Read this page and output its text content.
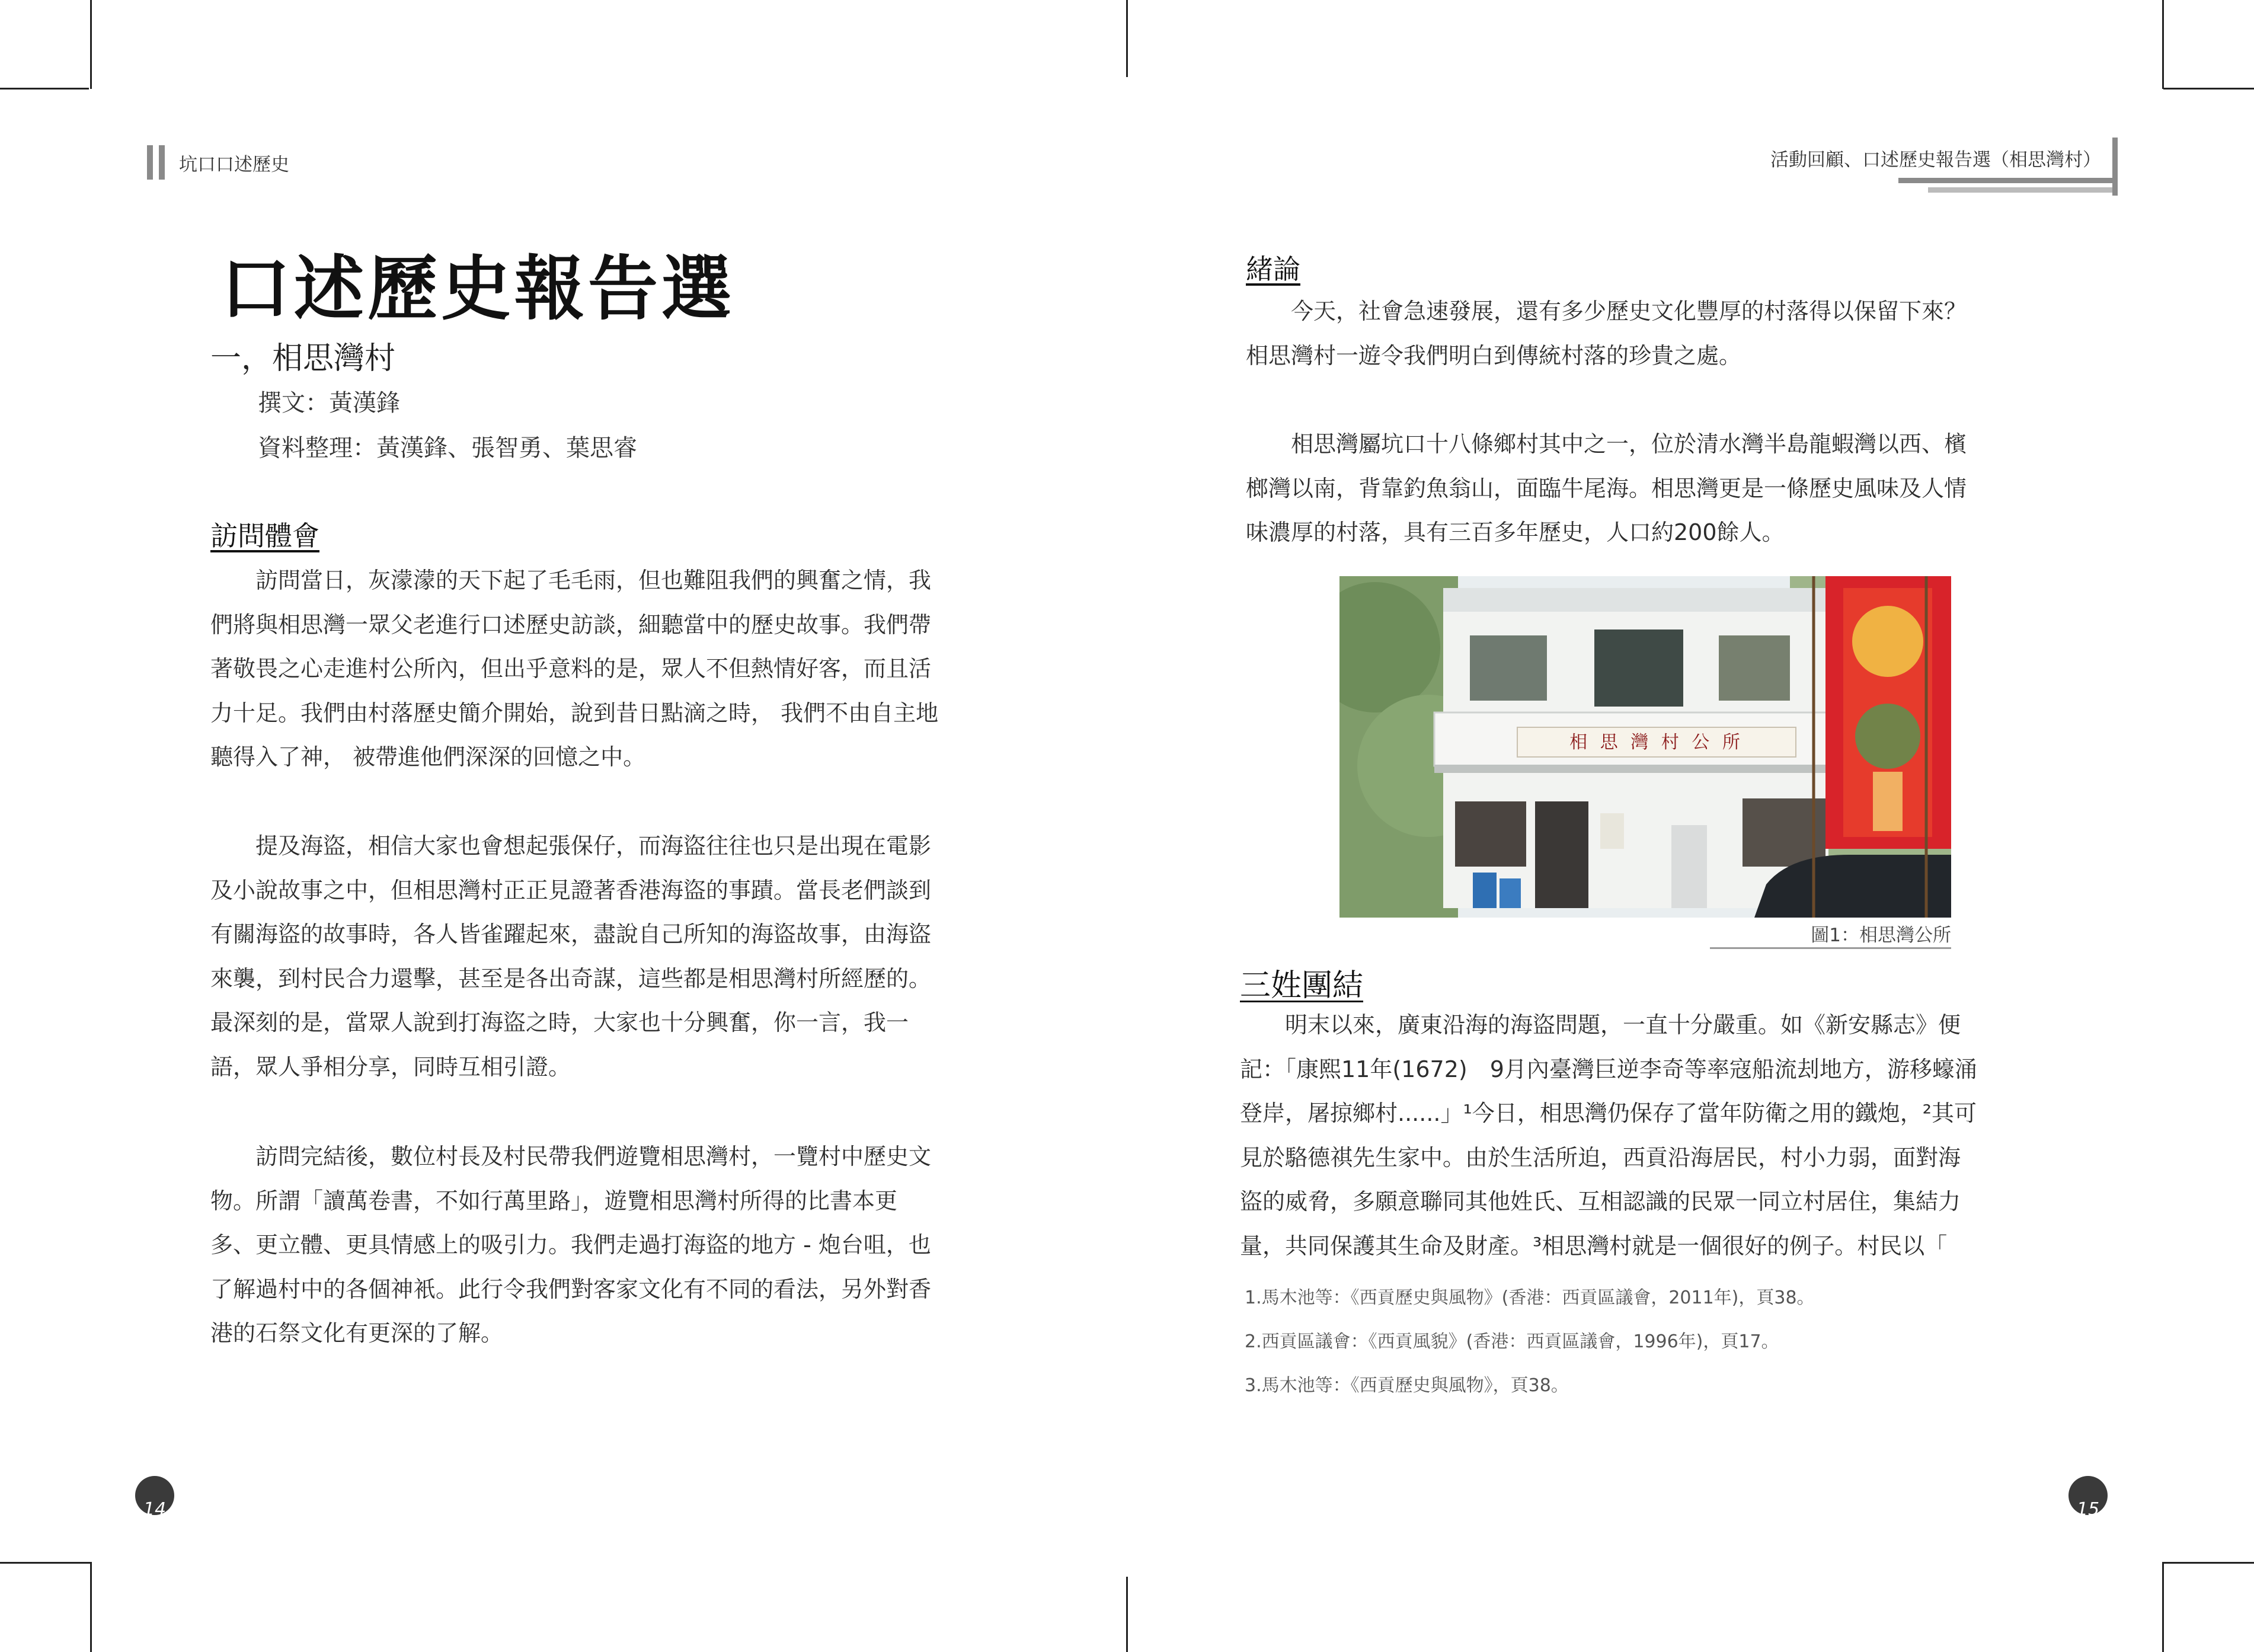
坑口口述歷史	活動回顧、口述歷史報告選（相思灣村）
口述歷史報告選
一，相思灣村
撰文：黃漢鋒
資料整理：黃漢鋒、張智勇、葉思睿
訪問體會
　　訪問當日，灰濛濛的天下起了毛毛雨，但也難阻我們的興奮之情，我
們將與相思灣一眾父老進行口述歷史訪談，細聽當中的歷史故事。我們帶
著敬畏之心走進村公所內，但出乎意料的是，眾人不但熱情好客，而且活
力十足。我們由村落歷史簡介開始，說到昔日點滴之時， 我們不由自主地
聽得入了神， 被帶進他們深深的回憶之中。
　　提及海盜，相信大家也會想起張保仔，而海盜往往也只是出現在電影
及小說故事之中，但相思灣村正正見證著香港海盜的事蹟。當長老們談到
有關海盜的故事時，各人皆雀躍起來，盡說自己所知的海盜故事，由海盜
來襲，到村民合力還擊，甚至是各出奇謀，這些都是相思灣村所經歷的。
最深刻的是，當眾人說到打海盜之時，大家也十分興奮，你一言，我一
語，眾人爭相分享，同時互相引證。
　　訪問完結後，數位村長及村民帶我們遊覽相思灣村，一覽村中歷史文
物。所謂「讀萬卷書，不如行萬里路」，遊覽相思灣村所得的比書本更
多、更立體、更具情感上的吸引力。我們走過打海盜的地方 - 炮台咀，也
了解過村中的各個神衹。此行令我們對客家文化有不同的看法，另外對香
港的石祭文化有更深的了解。
14
緒論
　　今天，社會急速發展，還有多少歷史文化豐厚的村落得以保留下來？
相思灣村一遊令我們明白到傳統村落的珍貴之處。
　　相思灣屬坑口十八條鄉村其中之一，位於清水灣半島龍蝦灣以西、檳
榔灣以南，背靠釣魚翁山，面臨牛尾海。相思灣更是一條歷史風味及人情
味濃厚的村落，具有三百多年歷史，人口約200餘人。
相 思 灣 村 公 所
圖1：相思灣公所
三姓團結
　　明末以來，廣東沿海的海盜問題，一直十分嚴重。如《新安縣志》便
記：「康熙11年(1672)　9月內臺灣巨逆李奇等率寇船流刦地方，游移蠔涌
登岸，屠掠鄉村......」¹今日，相思灣仍保存了當年防衛之用的鐵炮，²其可
見於駱德祺先生家中。由於生活所迫，西貢沿海居民，村小力弱，面對海
盜的威脅，多願意聯同其他姓氏、互相認識的民眾一同立村居住，集結力
量，共同保護其生命及財產。³相思灣村就是一個很好的例子。村民以「
1.馬木池等：《西貢歷史與風物》(香港：西貢區議會，2011年)，頁38。
2.西貢區議會：《西貢風貌》(香港：西貢區議會，1996年)，頁17。
3.馬木池等：《西貢歷史與風物》，頁38。
15
